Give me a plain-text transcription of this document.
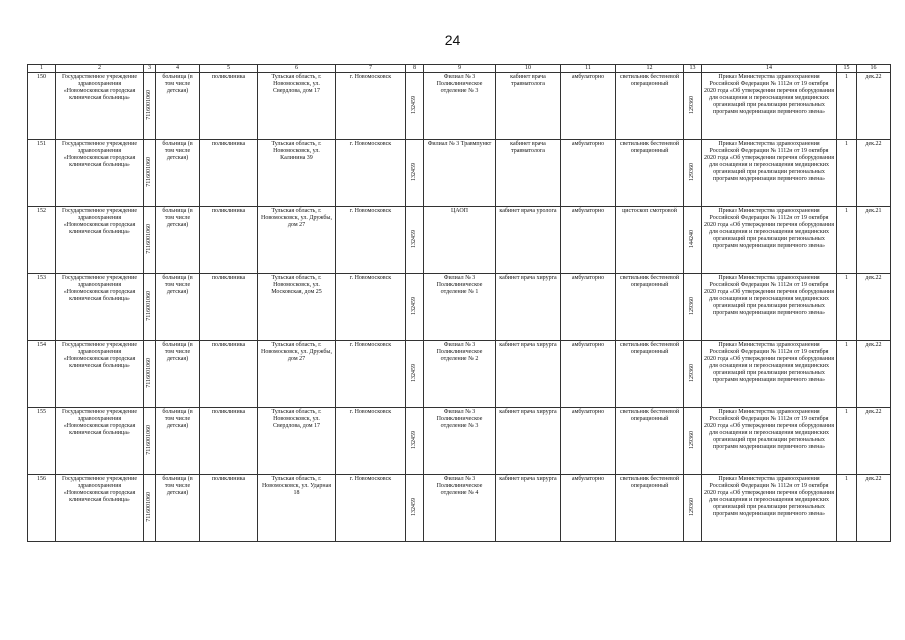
24
1	2	3	4	5	6	7	8	9	10	11	12	13	14	15	16
150	Государственное учреждение здравоохранения «Новомосковская городская клиническая больница»	7116001060	больница (в том числе детская)	поликлиника	Тульская область, г. Новомосковск, ул. Свердлова, дом 17	г. Новомосковск	132459	Филиал № 3 Поликлиническое отделение № 3	кабинет врача травматолога	амбулаторно	светильник бестеневой операционный	129360	Приказ Министерства здравоохранения Российской Федерации № 1112н от 19 октября 2020 года «Об утверждении перечня оборудования для оснащения и переоснащения медицинских организаций при реализации региональных программ модернизации первичного звена»	1	дек.22
151	Государственное учреждение здравоохранения «Новомосковская городская клиническая больница»	7116001060	больница (в том числе детская)	поликлиника	Тульская область, г. Новомосковск, ул. Калинина 39	г. Новомосковск	132459	Филиал № 3 Травмпункт	кабинет врача травматолога	амбулаторно	светильник бестеневой операционный	129360	Приказ Министерства здравоохранения Российской Федерации № 1112н от 19 октября 2020 года «Об утверждении перечня оборудования для оснащения и переоснащения медицинских организаций при реализации региональных программ модернизации первичного звена»	1	дек.22
152	Государственное учреждение здравоохранения «Новомосковская городская клиническая больница»	7116001060	больница (в том числе детская)	поликлиника	Тульская область, г. Новомосковск, ул. Дружбы, дом 27	г. Новомосковск	132459	ЦАОП	кабинет врача уролога	амбулаторно	цистоскоп смотровой	144240	Приказ Министерства здравоохранения Российской Федерации № 1112н от 19 октября 2020 года «Об утверждении перечня оборудования для оснащения и переоснащения медицинских организаций при реализации региональных программ модернизации первичного звена»	1	дек.21
153	Государственное учреждение здравоохранения «Новомосковская городская клиническая больница»	7116001060	больница (в том числе детская)	поликлиника	Тульская область, г. Новомосковск, ул. Московская, дом 25	г. Новомосковск	132459	Филиал № 3 Поликлиническое отделение № 1	кабинет врача хирурга	амбулаторно	светильник бестеневой операционный	129360	Приказ Министерства здравоохранения Российской Федерации № 1112н от 19 октября 2020 года «Об утверждении перечня оборудования для оснащения и переоснащения медицинских организаций при реализации региональных программ модернизации первичного звена»	1	дек.22
154	Государственное учреждение здравоохранения «Новомосковская городская клиническая больница»	7116001060	больница (в том числе детская)	поликлиника	Тульская область, г. Новомосковск, ул. Дружбы, дом 27	г. Новомосковск	132459	Филиал № 3 Поликлиническое отделение № 2	кабинет врача хирурга	амбулаторно	светильник бестеневой операционный	129360	Приказ Министерства здравоохранения Российской Федерации № 1112н от 19 октября 2020 года «Об утверждении перечня оборудования для оснащения и переоснащения медицинских организаций при реализации региональных программ модернизации первичного звена»	1	дек.22
155	Государственное учреждение здравоохранения «Новомосковская городская клиническая больница»	7116001060	больница (в том числе детская)	поликлиника	Тульская область, г. Новомосковск, ул. Свердлова, дом 17	г. Новомосковск	132459	Филиал № 3 Поликлиническое отделение № 3	кабинет врача хирурга	амбулаторно	светильник бестеневой операционный	129360	Приказ Министерства здравоохранения Российской Федерации № 1112н от 19 октября 2020 года «Об утверждении перечня оборудования для оснащения и переоснащения медицинских организаций при реализации региональных программ модернизации первичного звена»	1	дек.22
156	Государственное учреждение здравоохранения «Новомосковская городская клиническая больница»	7116001060	больница (в том числе детская)	поликлиника	Тульская область, г. Новомосковск, ул. Ударная 18	г. Новомосковск	132459	Филиал № 3 Поликлиническое отделение № 4	кабинет врача хирурга	амбулаторно	светильник бестеневой операционный	129360	Приказ Министерства здравоохранения Российской Федерации № 1112н от 19 октября 2020 года «Об утверждении перечня оборудования для оснащения и переоснащения медицинских организаций при реализации региональных программ модернизации первичного звена»	1	дек.22
